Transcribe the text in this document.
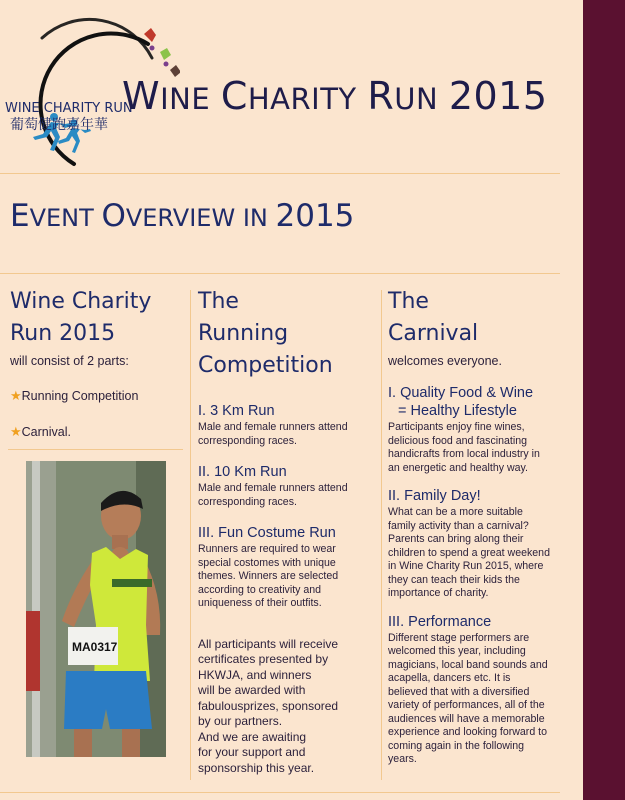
WINE CHARITY RUN
葡萄健跑嘉年華
WINE CHARITY RUN 2015
EVENT OVERVIEW IN 2015

Wine Charity
Run 2015

will consist of 2 parts:
★Running Competition
★Carnival.
MA0317

The
Running
Competition

I. 3 Km Run

Male and female runners attend corresponding races.

II. 10 Km Run

Male and female runners attend corresponding races.

III. Fun Costume Run

Runners are required to wear special costomes with unique themes. Winners are selected according to creativity and uniqueness of their outfits.

All participants will receive
certificates presented by
HKWJA, and winners
will be awarded with
fabulousprizes, sponsored
by our partners.
And we are awaiting
for your support and
sponsorship this year.

The
Carnival

welcomes everyone.

I. Quality Food & Wine
= Healthy Lifestyle

Participants enjoy fine wines, delicious food and fascinating handicrafts from local industry in an energetic and healthy way.

II. Family Day!

What can be a more suitable family activity than a carnival? Parents can bring along their children to spend a great weekend in Wine Charity Run 2015, where they can teach their kids the importance of charity.

III. Performance

Different stage performers are welcomed this year, including magicians, local band sounds and acapella, dancers etc. It is believed that with a diversified variety of performances, all of the audiences will have a memorable experience and looking forward to coming again in the following years.
